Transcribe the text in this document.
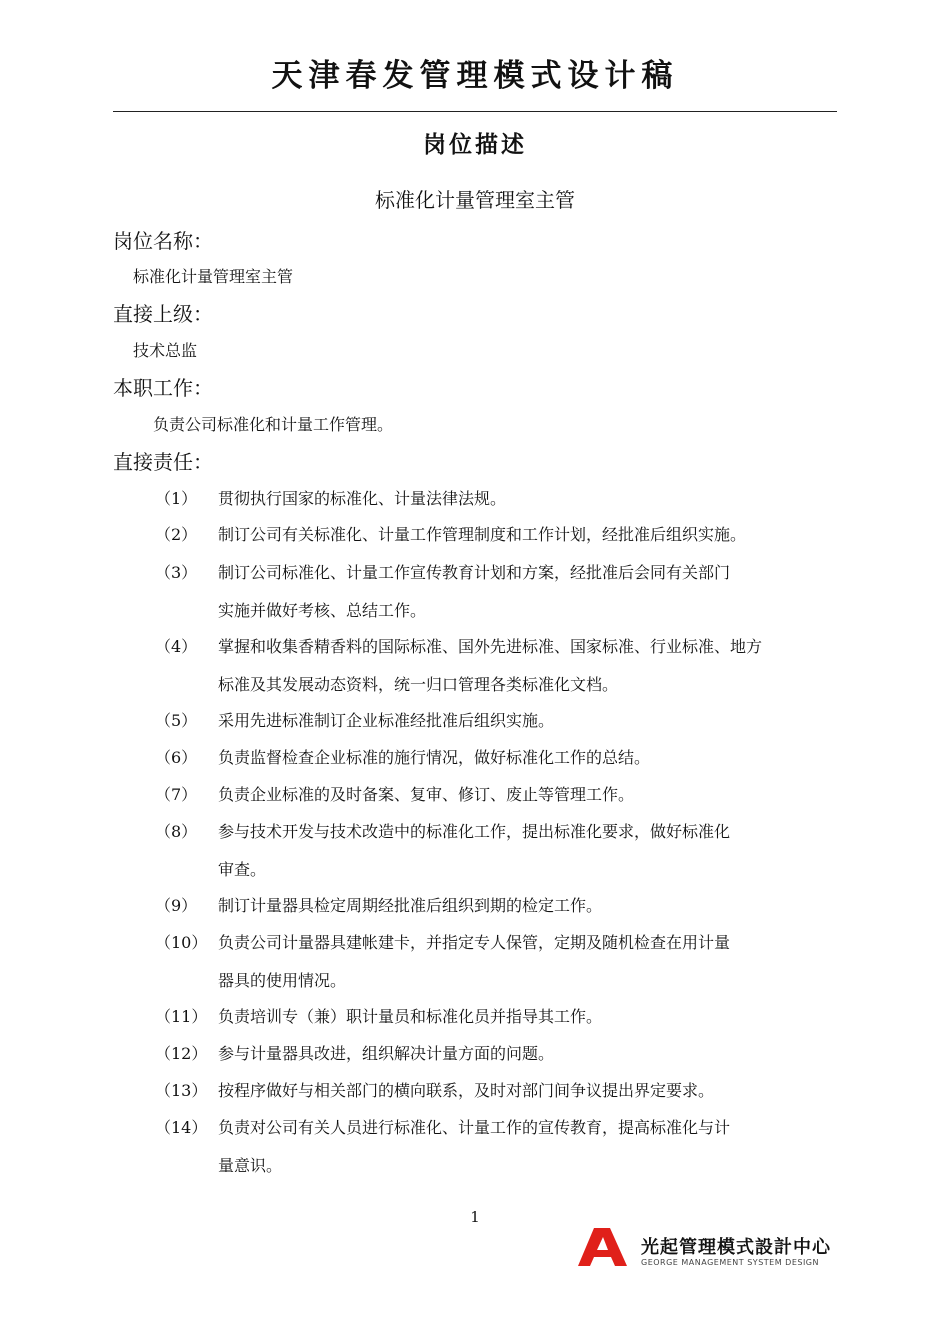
天津春发管理模式设计稿
岗位描述
标准化计量管理室主管
岗位名称：
标准化计量管理室主管
直接上级：
技术总监
本职工作：
负责公司标准化和计量工作管理。
直接责任：
（1）	贯彻执行国家的标准化、计量法律法规。
（2）	制订公司有关标准化、计量工作管理制度和工作计划，经批准后组织实施。
（3）	制订公司标准化、计量工作宣传教育计划和方案，经批准后会同有关部门
实施并做好考核、总结工作。
（4）	掌握和收集香精香料的国际标准、国外先进标准、国家标准、行业标准、地方
标准及其发展动态资料，统一归口管理各类标准化文档。
（5）	采用先进标准制订企业标准经批准后组织实施。
（6）	负责监督检查企业标准的施行情况，做好标准化工作的总结。
（7）	负责企业标准的及时备案、复审、修订、废止等管理工作。
（8）	参与技术开发与技术改造中的标准化工作，提出标准化要求，做好标准化
审查。
（9）	制订计量器具检定周期经批准后组织到期的检定工作。
（10） 负责公司计量器具建帐建卡，并指定专人保管，定期及随机检查在用计量
器具的使用情况。
（11） 负责培训专（兼）职计量员和标准化员并指导其工作。
（12） 参与计量器具改进，组织解决计量方面的问题。
（13） 按程序做好与相关部门的横向联系，及时对部门间争议提出界定要求。
（14） 负责对公司有关人员进行标准化、计量工作的宣传教育，提高标准化与计
量意识。
1
光起管理模式設計中心
GEORGE MANAGEMENT SYSTEM DESIGN
